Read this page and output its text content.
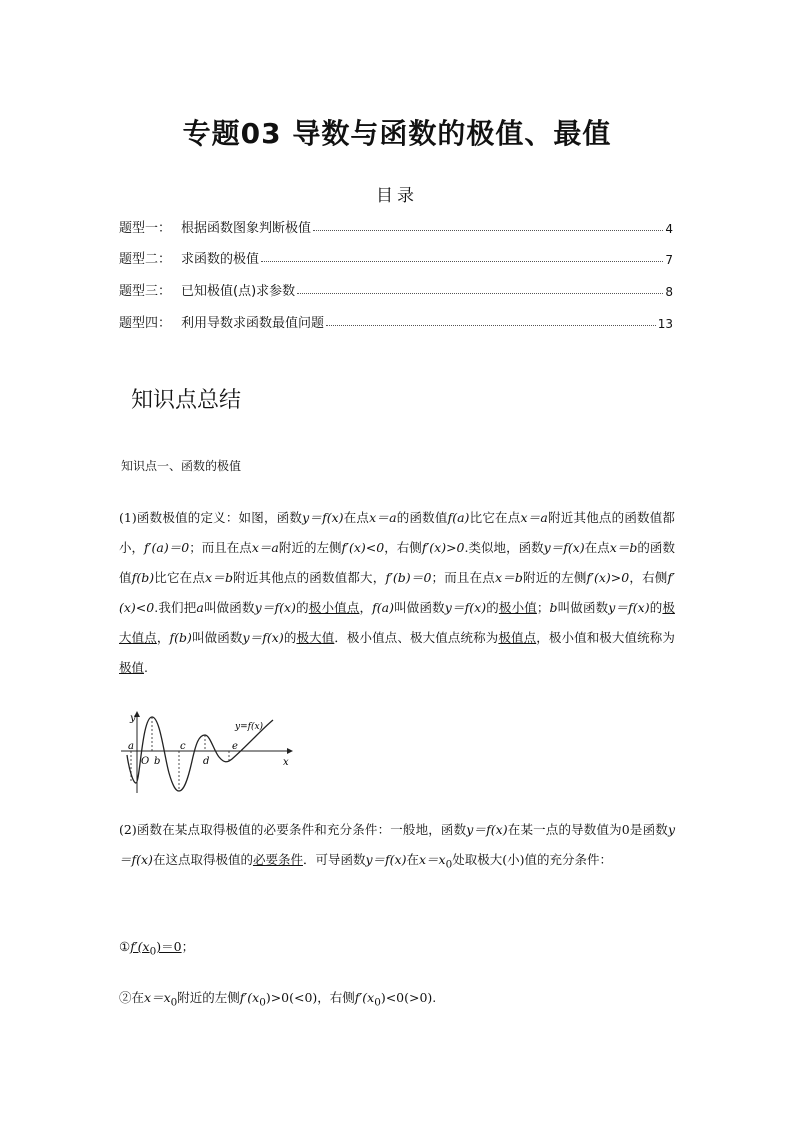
专题03 导数与函数的极值、最值
目录
题型一： 根据函数图象判断极值	4
题型二： 求函数的极值	7
题型三： 已知极值(点)求参数	8
题型四： 利用导数求函数最值问题	13
知识点总结
知识点一、函数的极值
(1)函数极值的定义：如图，函数y＝f(x)在点x＝a的函数值f(a)比它在点x＝a附近其他点的函数值都小，f′(a)＝0；而且在点x＝a附近的左侧f′(x)<0，右侧f′(x)>0.类似地，函数y＝f(x)在点x＝b的函数值f(b)比它在点x＝b附近其他点的函数值都大，f′(b)＝0；而且在点x＝b附近的左侧f′(x)>0，右侧f′(x)<0.我们把a叫做函数y＝f(x)的极小值点，f(a)叫做函数y＝f(x)的极小值；b叫做函数y＝f(x)的极大值点，f(b)叫做函数y＝f(x)的极大值．极小值点、极大值点统称为极值点，极小值和极大值统称为极值.
y
x
y=f(x)
a
O b
c
d
e
(2)函数在某点取得极值的必要条件和充分条件：一般地，函数y＝f(x)在某一点的导数值为0是函数y＝f(x)在这点取得极值的必要条件．可导函数y＝f(x)在$x=x_0$处取极大(小)值的充分条件：
$①f'(x_0)=0$；
②在$x=x_0$附近的左侧$f'(x_0)>0(<0)$，右侧$f'(x_0)<0(>0)$.
